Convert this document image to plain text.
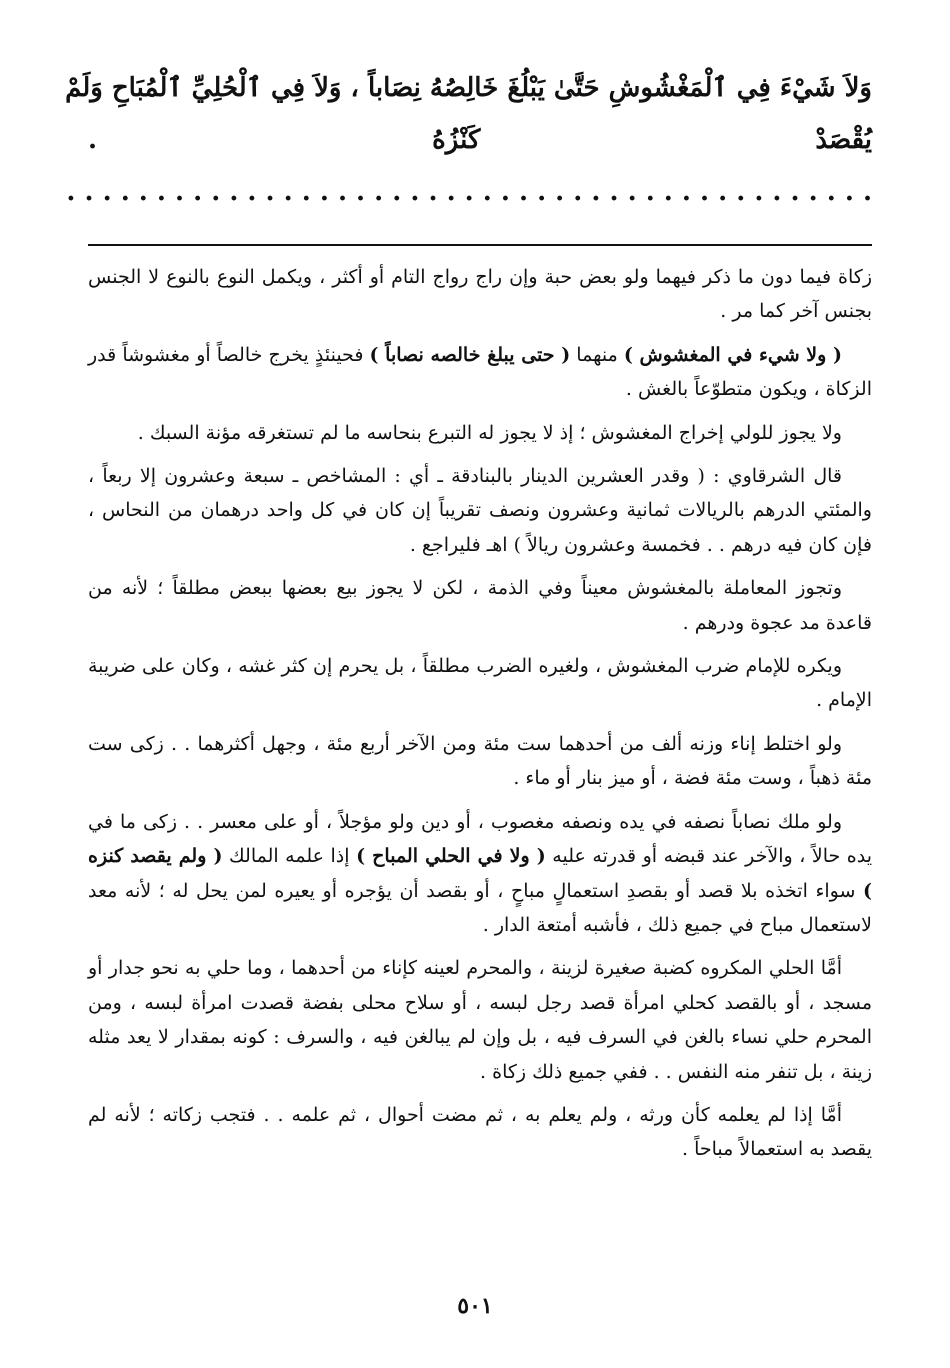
وَلاَ شَيْءَ فِي ٱلْمَغْشُوشِ حَتَّىٰ يَبْلُغَ خَالِصُهُ نِصَاباً ، وَلاَ فِي ٱلْحُلِيِّ ٱلْمُبَاحِ وَلَمْ
يُقْصَدْ كَنْزُهُ . . . . . . . . . . . . . . . . . . . . . . . . . . . . . . . . . . . . . . . . . . . . . .

زكاة فيما دون ما ذكر فيهما ولو بعض حبة وإن راج رواج التام أو أكثر ، ويكمل النوع بالنوع لا الجنس بجنس آخر كما مر .

( ولا شيء في المغشوش ) منهما ( حتى يبلغ خالصه نصاباً ) فحينئذٍ يخرج خالصاً أو مغشوشاً قدر الزكاة ، ويكون متطوّعاً بالغش .

ولا يجوز للولي إخراج المغشوش ؛ إذ لا يجوز له التبرع بنحاسه ما لم تستغرقه مؤنة السبك .

قال الشرقاوي : ( وقدر العشرين الدينار بالبنادقة ـ أي : المشاخص ـ سبعة وعشرون إلا ربعاً ، والمئتي الدرهم بالريالات ثمانية وعشرون ونصف تقريباً إن كان في كل واحد درهمان من النحاس ، فإن كان فيه درهم . . فخمسة وعشرون ريالاً ) اهـ فليراجع .

وتجوز المعاملة بالمغشوش معيناً وفي الذمة ، لكن لا يجوز بيع بعضها ببعض مطلقاً ؛ لأنه من قاعدة مد عجوة ودرهم .

ويكره للإمام ضرب المغشوش ، ولغيره الضرب مطلقاً ، بل يحرم إن كثر غشه ، وكان على ضريبة الإمام .

ولو اختلط إناء وزنه ألف من أحدهما ست مئة ومن الآخر أربع مئة ، وجهل أكثرهما . . زكى ست مئة ذهباً ، وست مئة فضة ، أو ميز بنار أو ماء .

ولو ملك نصاباً نصفه في يده ونصفه مغصوب ، أو دين ولو مؤجلاً ، أو على معسر . . زكى ما في يده حالاً ، والآخر عند قبضه أو قدرته عليه ( ولا في الحلي المباح ) إذا علمه المالك ( ولم يقصد كنزه ) سواء اتخذه بلا قصد أو بقصدِ استعمالٍ مباحٍ ، أو بقصد أن يؤجره أو يعيره لمن يحل له ؛ لأنه معد لاستعمال مباح في جميع ذلك ، فأشبه أمتعة الدار .

أمَّا الحلي المكروه كضبة صغيرة لزينة ، والمحرم لعينه كإناء من أحدهما ، وما حلي به نحو جدار أو مسجد ، أو بالقصد كحلي امرأة قصد رجل لبسه ، أو سلاح محلى بفضة قصدت امرأة لبسه ، ومن المحرم حلي نساء بالغن في السرف فيه ، بل وإن لم يبالغن فيه ، والسرف : كونه بمقدار لا يعد مثله زينة ، بل تنفر منه النفس . . ففي جميع ذلك زكاة .

أمَّا إذا لم يعلمه كأن ورثه ، ولم يعلم به ، ثم مضت أحوال ، ثم علمه . . فتجب زكاته ؛ لأنه لم يقصد به استعمالاً مباحاً .

٥٠١
